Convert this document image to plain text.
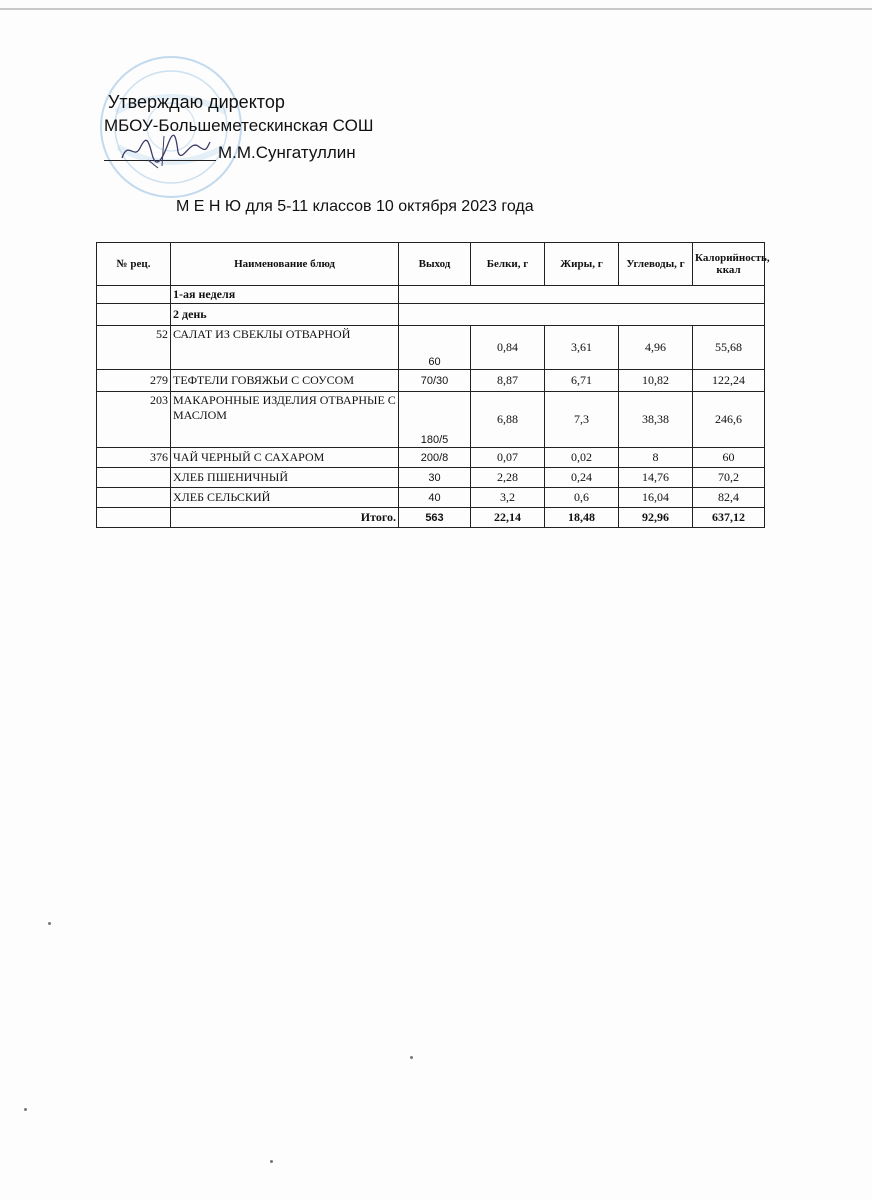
Утверждаю директор
МБОУ-Большеметескинская СОШ
М.М.Сунгатуллин
М Е Н Ю для 5-11 классов 10 октября 2023 года
№ рец.	Наименование блюд	Выход	Белки, г	Жиры, г	Углеводы, г	Калорийность, ккал
	1-ая неделя					
	2 день					
52	САЛАТ ИЗ СВЕКЛЫ ОТВАРНОЙ	60	0,84	3,61	4,96	55,68
279	ТЕФТЕЛИ ГОВЯЖЬИ С СОУСОМ	70/30	8,87	6,71	10,82	122,24
203	МАКАРОННЫЕ ИЗДЕЛИЯ ОТВАРНЫЕ С МАСЛОМ	180/5	6,88	7,3	38,38	246,6
376	ЧАЙ ЧЕРНЫЙ С САХАРОМ	200/8	0,07	0,02	8	60
	ХЛЕБ ПШЕНИЧНЫЙ	30	2,28	0,24	14,76	70,2
	ХЛЕБ СЕЛЬСКИЙ	40	3,2	0,6	16,04	82,4
	Итого.	563	22,14	18,48	92,96	637,12
